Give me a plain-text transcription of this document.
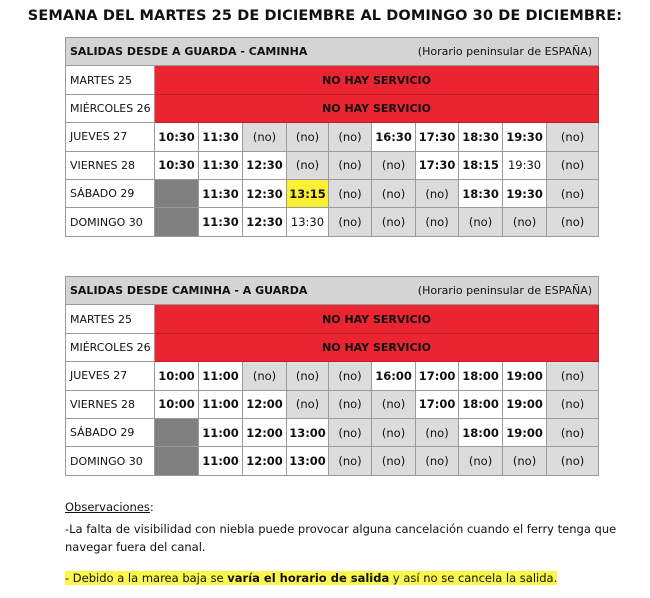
SEMANA DEL MARTES 25 DE DICIEMBRE AL DOMINGO 30 DE DICIEMBRE:
SALIDAS DESDE A GUARDA - CAMINHA						(Horario peninsular de ESPAÑA)				
MARTES 25	NO HAY SERVICIO									
MIÉRCOLES 26	NO HAY SERVICIO									
JUEVES 27	10:30	11:30	(no)	(no)	(no)	16:30	17:30	18:30	19:30	(no)
VIERNES 28	10:30	11:30	12:30	(no)	(no)	(no)	17:30	18:15	19:30	(no)
SÁBADO 29		11:30	12:30	13:15	(no)	(no)	(no)	18:30	19:30	(no)
DOMINGO 30		11:30	12:30	13:30	(no)	(no)	(no)	(no)	(no)	(no)
SALIDAS DESDE CAMINHA - A GUARDA						(Horario peninsular de ESPAÑA)				
MARTES 25	NO HAY SERVICIO									
MIÉRCOLES 26	NO HAY SERVICIO									
JUEVES 27	10:00	11:00	(no)	(no)	(no)	16:00	17:00	18:00	19:00	(no)
VIERNES 28	10:00	11:00	12:00	(no)	(no)	(no)	17:00	18:00	19:00	(no)
SÁBADO 29		11:00	12:00	13:00	(no)	(no)	(no)	18:00	19:00	(no)
DOMINGO 30		11:00	12:00	13:00	(no)	(no)	(no)	(no)	(no)	(no)
Observaciones:
-La falta de visibilidad con niebla puede provocar alguna cancelación cuando el ferry tenga que navegar fuera del canal.
- Debido a la marea baja se varía el horario de salida y así no se cancela la salida.
